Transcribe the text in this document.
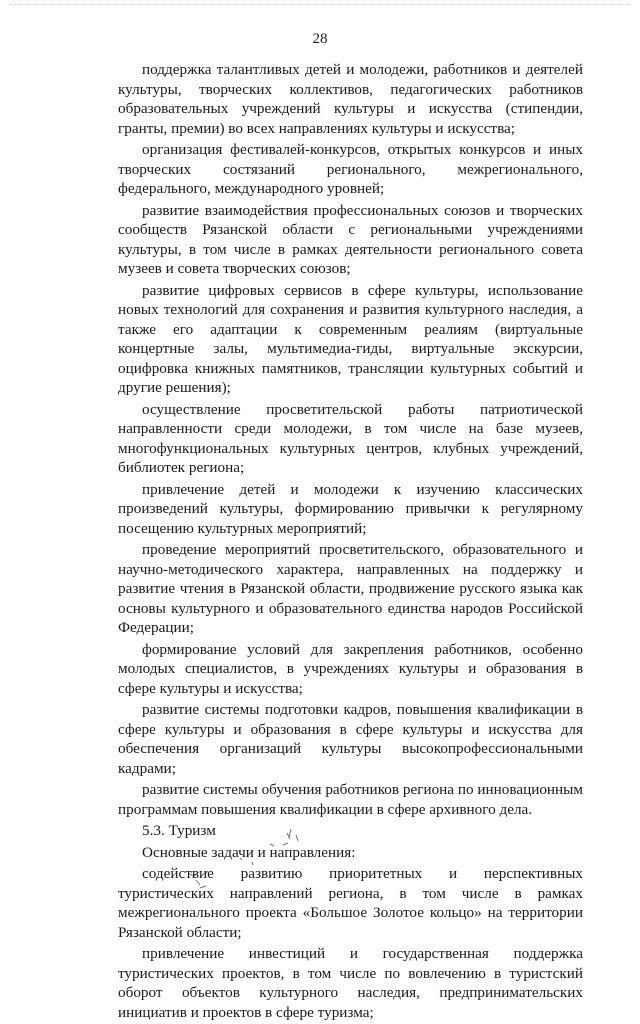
28

поддержка талантливых детей и молодежи, работников и деятелей культуры, творческих коллективов, педагогических работников образовательных учреждений культуры и искусства (стипендии, гранты, премии) во всех направлениях культуры и искусства;

организация фестивалей-конкурсов, открытых конкурсов и иных творческих состязаний регионального, межрегионального, федерального, международного уровней;

развитие взаимодействия профессиональных союзов и творческих сообществ Рязанской области с региональными учреждениями культуры, в том числе в рамках деятельности регионального совета музеев и совета творческих союзов;

развитие цифровых сервисов в сфере культуры, использование новых технологий для сохранения и развития культурного наследия, а также его адаптации к современным реалиям (виртуальные концертные залы, мультимедиа-гиды, виртуальные экскурсии, оцифровка книжных памятников, трансляции культурных событий и другие решения);

осуществление просветительской работы патриотической направленности среди молодежи, в том числе на базе музеев, многофункциональных культурных центров, клубных учреждений, библиотек региона;

привлечение детей и молодежи к изучению классических произведений культуры, формированию привычки к регулярному посещению культурных мероприятий;

проведение мероприятий просветительского, образовательного и научно-методического характера, направленных на поддержку и развитие чтения в Рязанской области, продвижение русского языка как основы культурного и образовательного единства народов Российской Федерации;

формирование условий для закрепления работников, особенно молодых специалистов, в учреждениях культуры и образования в сфере культуры и искусства;

развитие системы подготовки кадров, повышения квалификации в сфере культуры и образования в сфере культуры и искусства для обеспечения организаций культуры высокопрофессиональными кадрами;

развитие системы обучения работников региона по инновационным программам повышения квалификации в сфере архивного дела.

5.3. Туризм

Основные задачи и направления:

содействие развитию приоритетных и перспективных туристических направлений региона, в том числе в рамках межрегионального проекта «Большое Золотое кольцо» на территории Рязанской области;

привлечение инвестиций и государственная поддержка туристических проектов, в том числе по вовлечению в туристский оборот объектов культурного наследия, предпринимательских инициатив и проектов в сфере туризма;
